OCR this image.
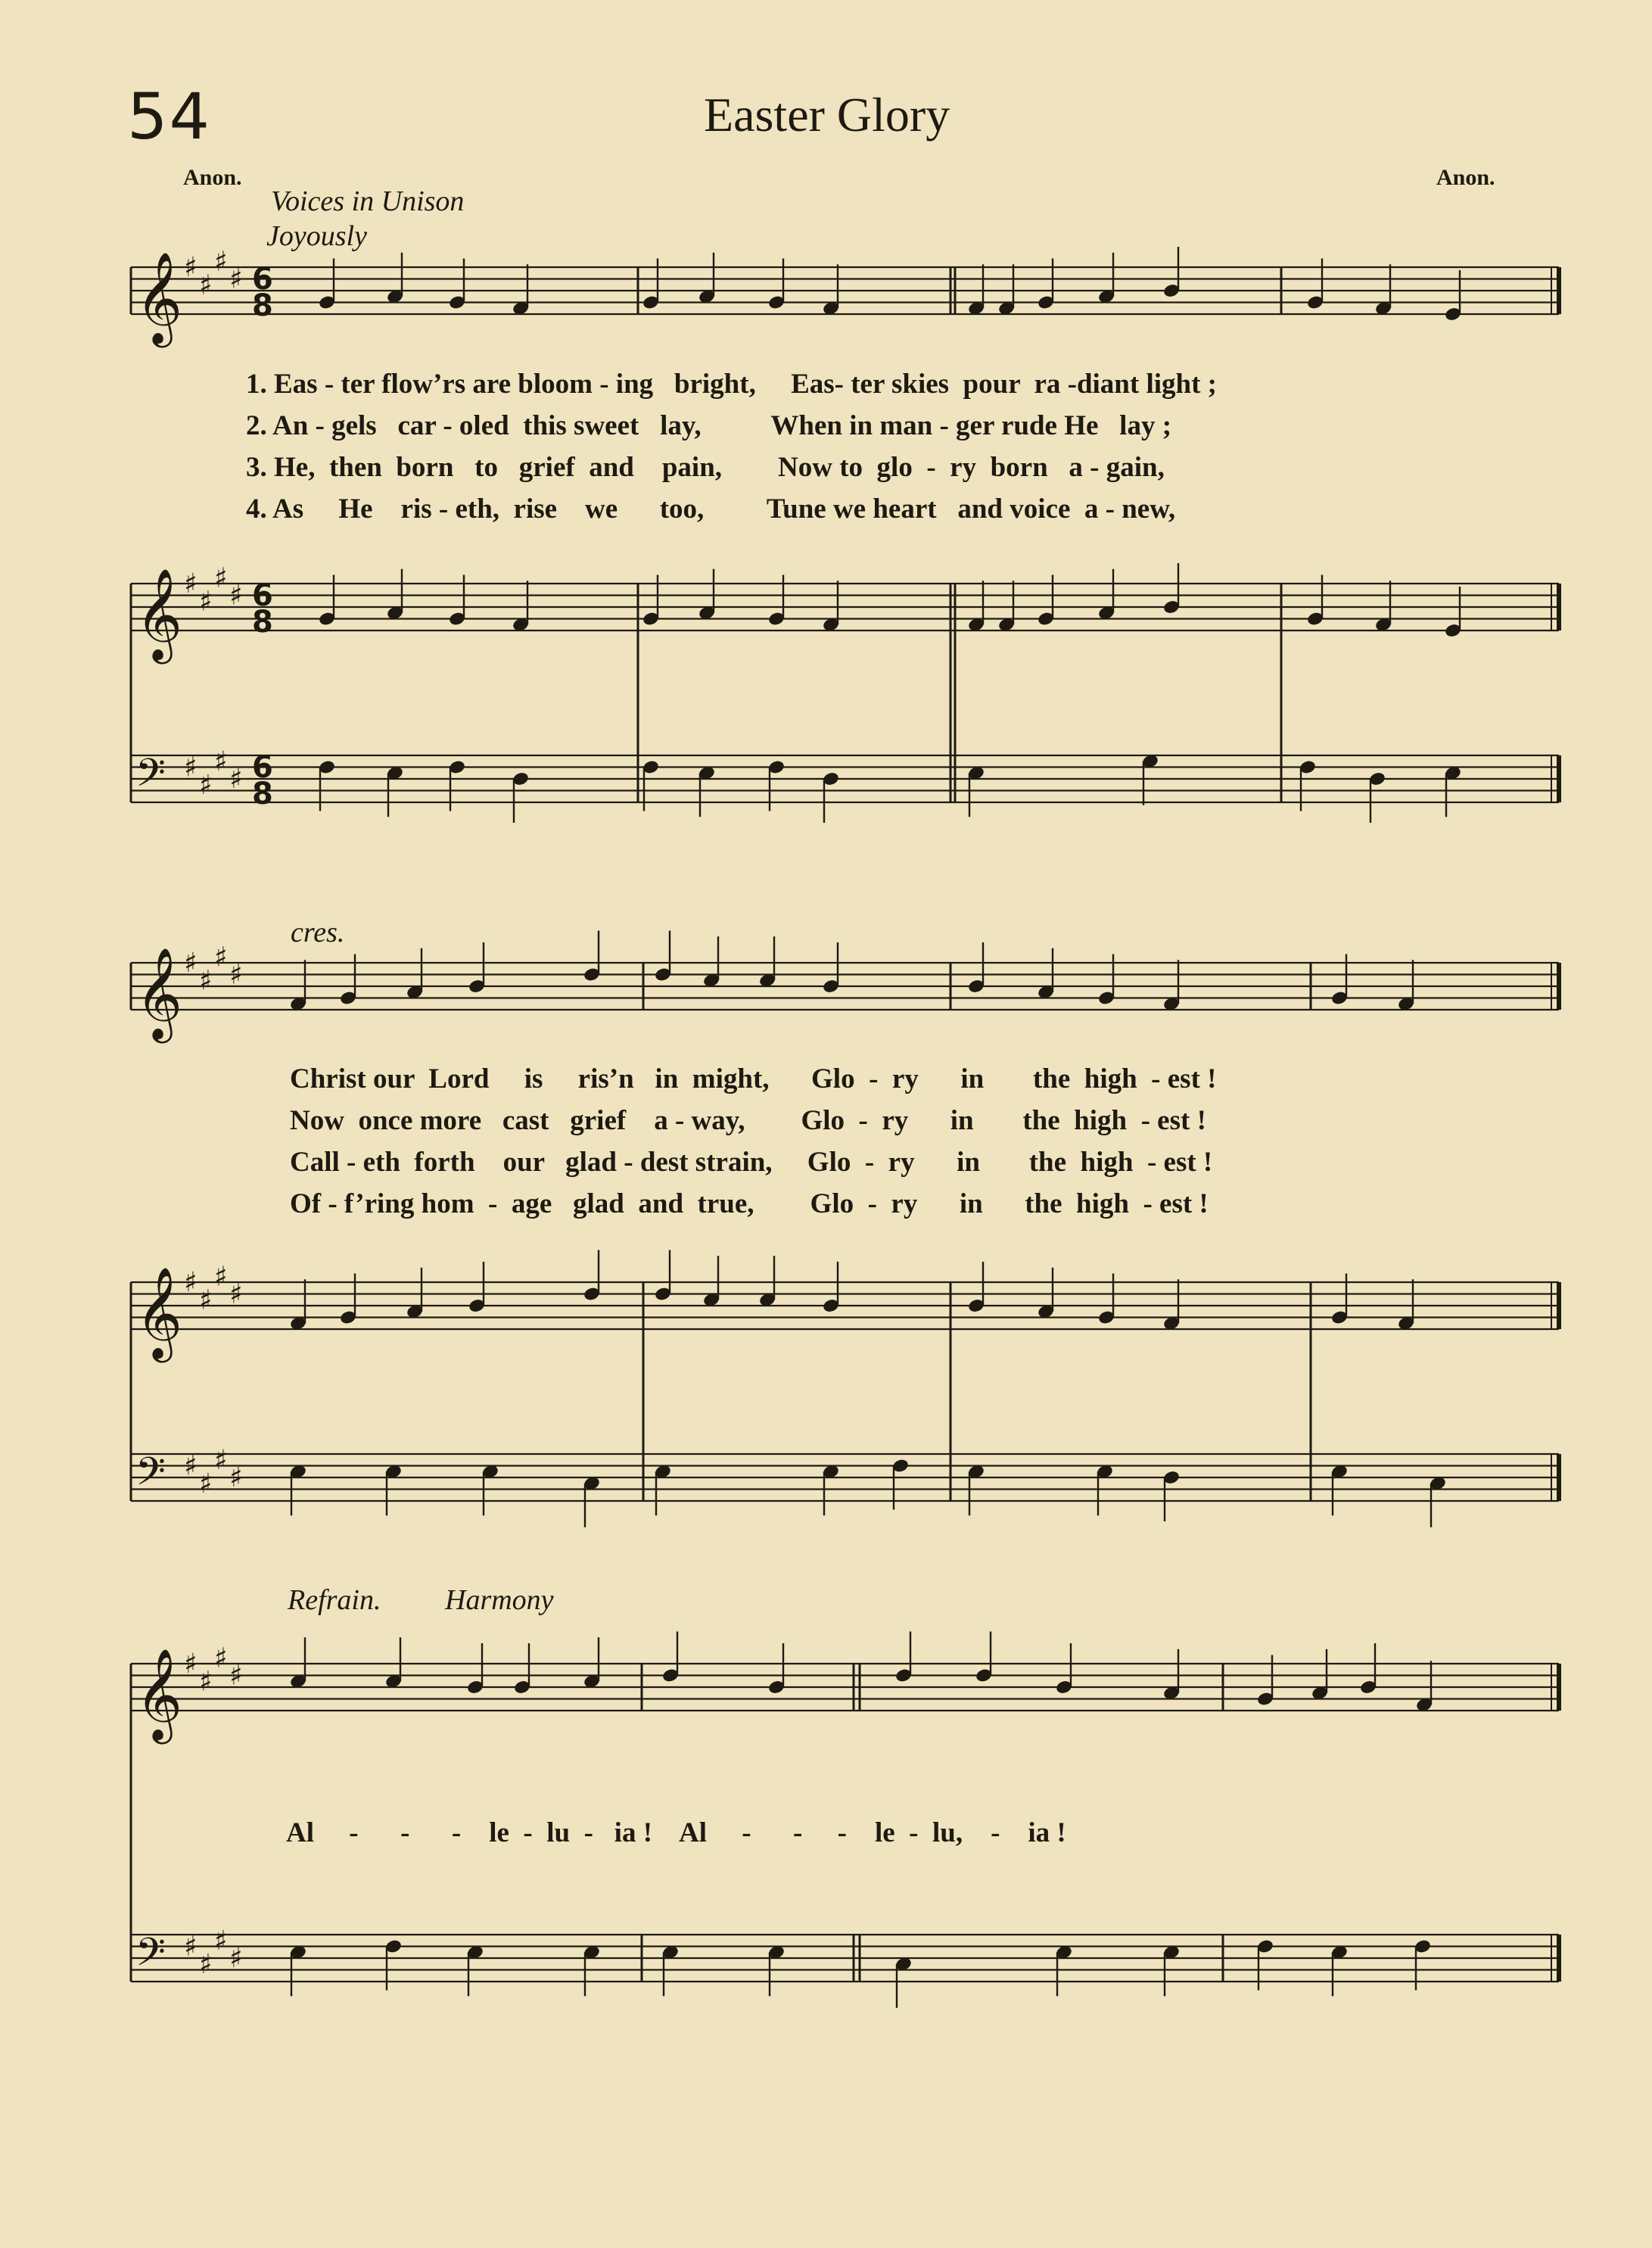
54	Easter Glory
Anon.	Anon.
Voices in Unison
Joyously
cres.
Refrain. Harmony
𝄞 ♯
♯
♯
♯ 6
8
𝄞 ♯
♯
♯
♯ 6
8
𝄢 ♯
♯
♯
♯ 6
8
𝄞 ♯
♯
♯
♯
𝄞 ♯
♯
♯
♯
𝄢 ♯
♯
♯
♯
𝄞 ♯
♯
♯
♯
𝄢 ♯
♯
♯
♯
1. Eas - ter flow’rs are bloom - ing   bright,     Eas- ter skies  pour  ra -diant light ;
2. An - gels   car - oled  this sweet   lay,          When in man - ger rude He   lay ;
3. He,  then  born   to   grief  and    pain,        Now to  glo  -  ry  born   a - gain,
4. As     He    ris - eth,  rise    we      too,         Tune we heart   and voice  a - new,
Christ our  Lord     is     ris’n   in  might,      Glo  -  ry      in       the  high  - est !
Now  once more   cast   grief    a - way,        Glo  -  ry      in       the  high  - est !
Call - eth  forth    our   glad - dest strain,     Glo  -  ry      in       the  high  - est !
Of - f’ring hom  -  age   glad  and  true,        Glo  -  ry      in      the  high  - est !
Al     -      -      -    le  -  lu  -   ia !    Al     -      -     -    le  -  lu,    -    ia !
